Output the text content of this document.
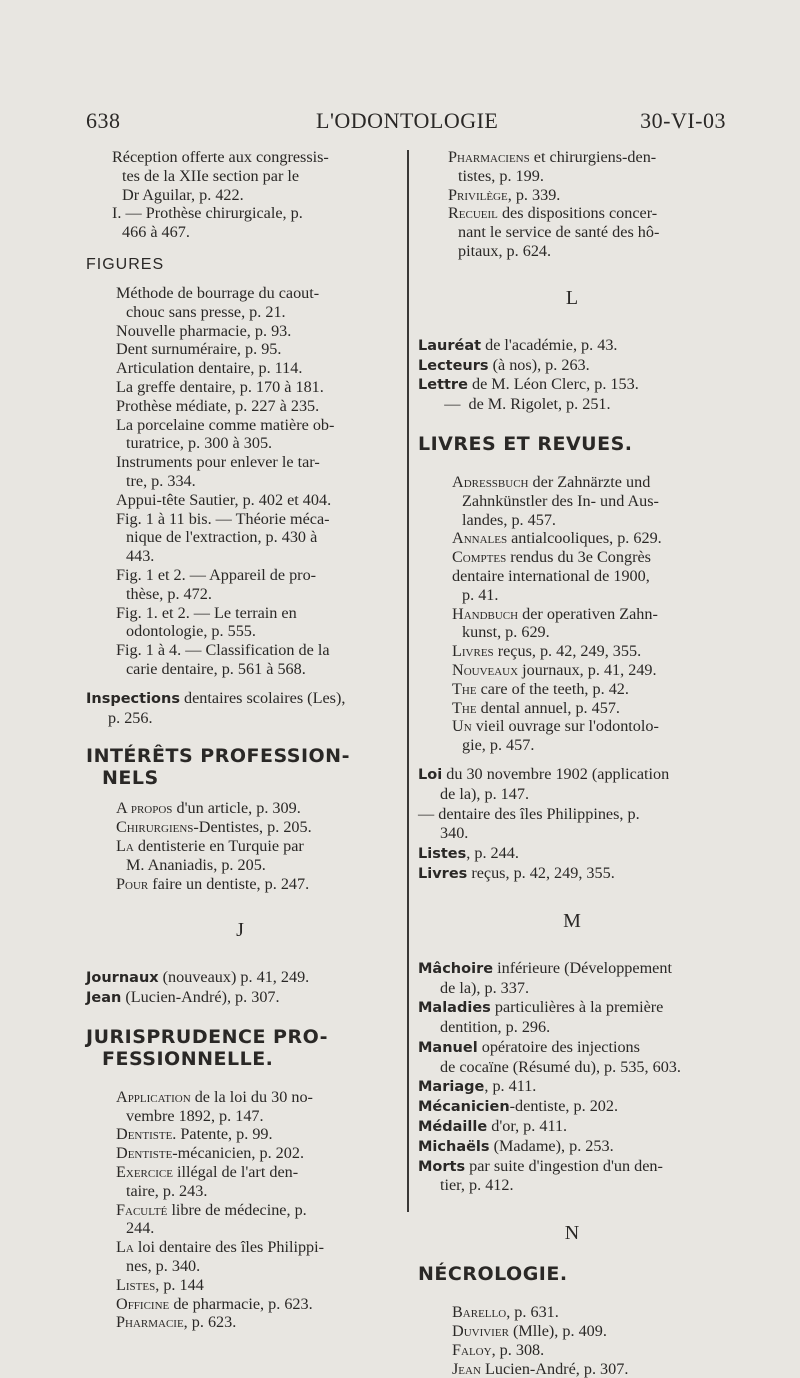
638	L'ODONTOLOGIE	30-VI-03

Réception offerte aux congressis-

tes de la XIIe section par le

Dr Aguilar, p. 422.

I. — Prothèse chirurgicale, p.

466 à 467.

FIGURES

Méthode de bourrage du caout-

chouc sans presse, p. 21.

Nouvelle pharmacie, p. 93.

Dent surnuméraire, p. 95.

Articulation dentaire, p. 114.

La greffe dentaire, p. 170 à 181.

Prothèse médiate, p. 227 à 235.

La porcelaine comme matière ob-

turatrice, p. 300 à 305.

Instruments pour enlever le tar-

tre, p. 334.

Appui-tête Sautier, p. 402 et 404.

Fig. 1 à 11 bis. — Théorie méca-

nique de l'extraction, p. 430 à

443.

Fig. 1 et 2. — Appareil de pro-

thèse, p. 472.

Fig. 1. et 2. — Le terrain en

odontologie, p. 555.

Fig. 1 à 4. — Classification de la

carie dentaire, p. 561 à 568.

Inspections dentaires scolaires (Les),

p. 256.

INTÉRÊTS PROFESSION-

NELS

A propos d'un article, p. 309.

Chirurgiens-Dentistes, p. 205.

La dentisterie en Turquie par

M. Ananiadis, p. 205.

Pour faire un dentiste, p. 247.

J

Journaux (nouveaux) p. 41, 249.

Jean (Lucien-André), p. 307.

JURISPRUDENCE PRO-

FESSIONNELLE.

Application de la loi du 30 no-

vembre 1892, p. 147.

Dentiste. Patente, p. 99.

Dentiste-mécanicien, p. 202.

Exercice illégal de l'art den-

taire, p. 243.

Faculté libre de médecine, p.

244.

La loi dentaire des îles Philippi-

nes, p. 340.

Listes, p. 144

Officine de pharmacie, p. 623.

Pharmacie, p. 623.

Pharmaciens et chirurgiens-den-

tistes, p. 199.

Privilège, p. 339.

Recueil des dispositions concer-

nant le service de santé des hô-

pitaux, p. 624.

L

Lauréat de l'académie, p. 43.

Lecteurs (à nos), p. 263.

Lettre de M. Léon Clerc, p. 153.

—  de M. Rigolet, p. 251.

LIVRES ET REVUES.

Adressbuch der Zahnärzte und

Zahnkünstler des In- und Aus-

landes, p. 457.

Annales antialcooliques, p. 629.

Comptes rendus du 3e Congrès

dentaire international de 1900,

p. 41.

Handbuch der operativen Zahn-

kunst, p. 629.

Livres reçus, p. 42, 249, 355.

Nouveaux journaux, p. 41, 249.

The care of the teeth, p. 42.

The dental annuel, p. 457.

Un vieil ouvrage sur l'odontolo-

gie, p. 457.

Loi du 30 novembre 1902 (application

de la), p. 147.

— dentaire des îles Philippines, p.

340.

Listes, p. 244.

Livres reçus, p. 42, 249, 355.

M

Mâchoire inférieure (Développement

de la), p. 337.

Maladies particulières à la première

dentition, p. 296.

Manuel opératoire des injections

de cocaïne (Résumé du), p. 535, 603.

Mariage, p. 411.

Mécanicien-dentiste, p. 202.

Médaille d'or, p. 411.

Michaëls (Madame), p. 253.

Morts par suite d'ingestion d'un den-

tier, p. 412.

N

NÉCROLOGIE.

Barello, p. 631.

Duvivier (Mlle), p. 409.

Faloy, p. 308.

Jean Lucien-André, p. 307.
